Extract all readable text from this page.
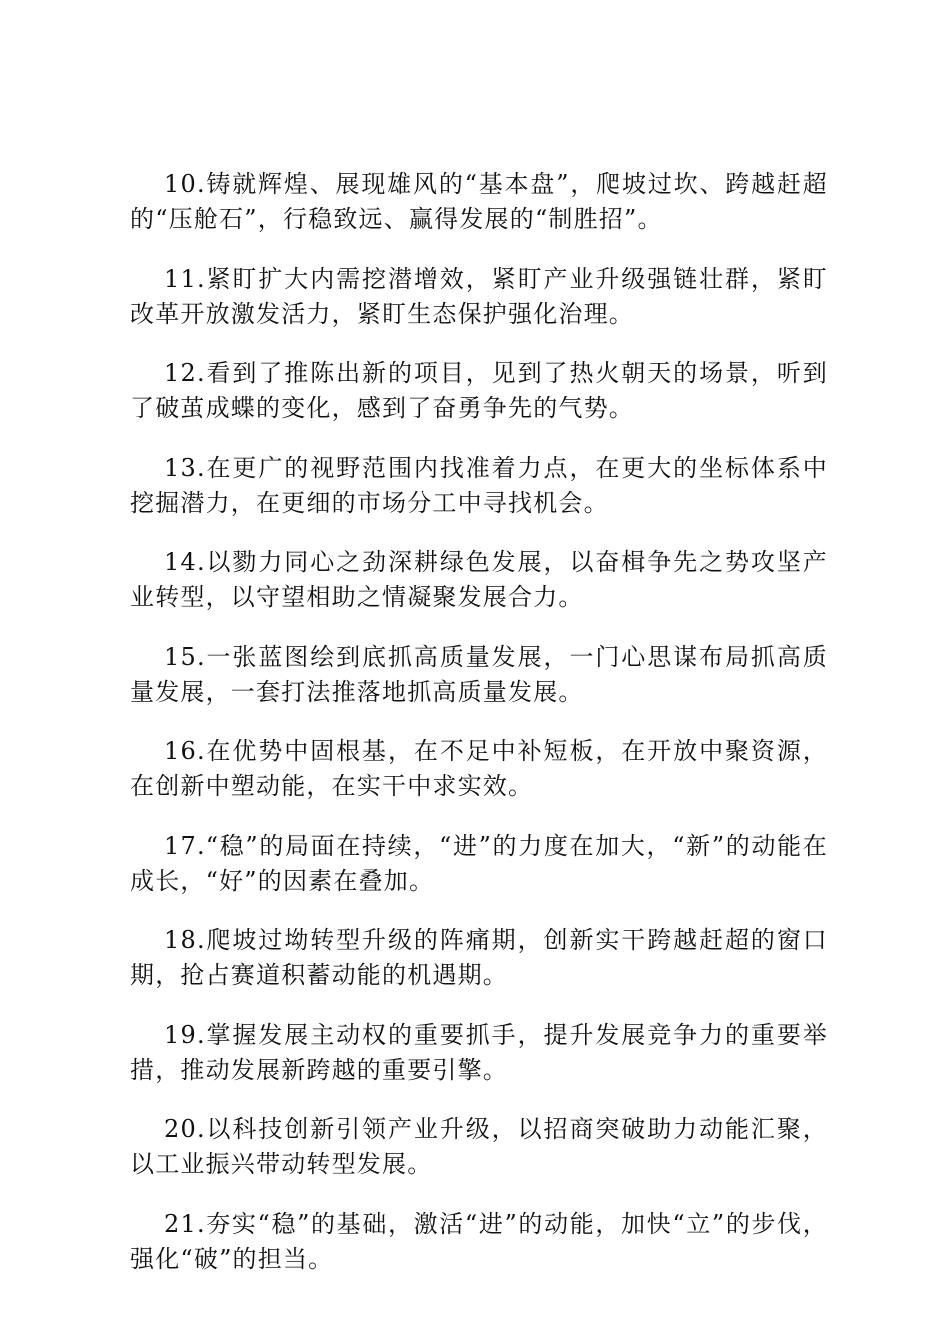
10.铸就辉煌、展现雄风的“基本盘”，爬坡过坎、跨越赶超的“压舱石”，行稳致远、赢得发展的“制胜招”。

11.紧盯扩大内需挖潜增效，紧盯产业升级强链壮群，紧盯改革开放激发活力，紧盯生态保护强化治理。

12.看到了推陈出新的项目，见到了热火朝天的场景，听到了破茧成蝶的变化，感到了奋勇争先的气势。

13.在更广的视野范围内找准着力点，在更大的坐标体系中挖掘潜力，在更细的市场分工中寻找机会。

14.以勠力同心之劲深耕绿色发展，以奋楫争先之势攻坚产业转型，以守望相助之情凝聚发展合力。

15.一张蓝图绘到底抓高质量发展，一门心思谋布局抓高质量发展，一套打法推落地抓高质量发展。

16.在优势中固根基，在不足中补短板，在开放中聚资源，在创新中塑动能，在实干中求实效。

17.“稳”的局面在持续，“进”的力度在加大，“新”的动能在成长，“好”的因素在叠加。

18.爬坡过坳转型升级的阵痛期，创新实干跨越赶超的窗口期，抢占赛道积蓄动能的机遇期。

19.掌握发展主动权的重要抓手，提升发展竞争力的重要举措，推动发展新跨越的重要引擎。

20.以科技创新引领产业升级，以招商突破助力动能汇聚，以工业振兴带动转型发展。

21.夯实“稳”的基础，激活“进”的动能，加快“立”的步伐，强化“破”的担当。
